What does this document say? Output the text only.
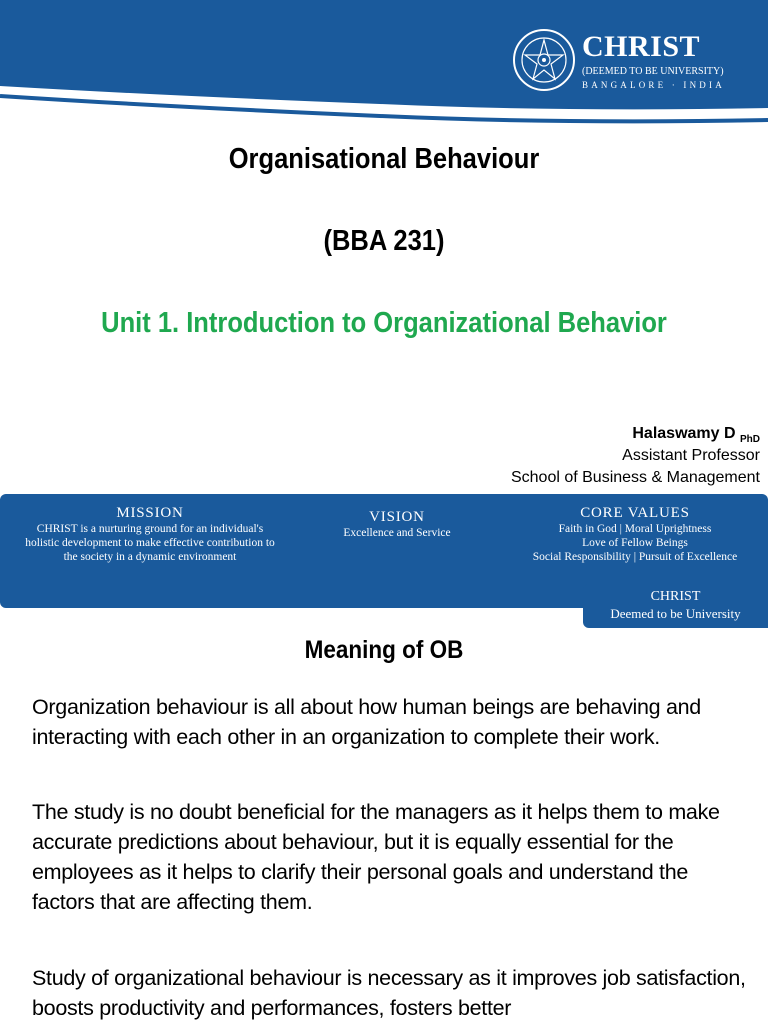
CHRIST
(DEEMED TO BE UNIVERSITY)
BANGALORE · INDIA
Organisational Behaviour
(BBA 231)
Unit 1. Introduction to Organizational Behavior
Halaswamy D $_{PhD}$
Assistant Professor
School of Business & Management
MISSION
CHRIST is a nurturing ground for an individual's
holistic development to make effective contribution to
the society in a dynamic environment
VISION
Excellence and Service
CORE VALUES
Faith in God | Moral Uprightness
Love of Fellow Beings
Social Responsibility | Pursuit of Excellence
CHRIST
Deemed to be University
Meaning of OB
Organization behaviour is all about how human beings are behaving and interacting with each other in an organization to complete their work.
The study is no doubt beneficial for the managers as it helps them to make accurate predictions about behaviour, but it is equally essential for the employees as it helps to clarify their personal goals and understand the factors that are affecting them.
Study of organizational behaviour is necessary as it improves job satisfaction, boosts productivity and performances, fosters better
